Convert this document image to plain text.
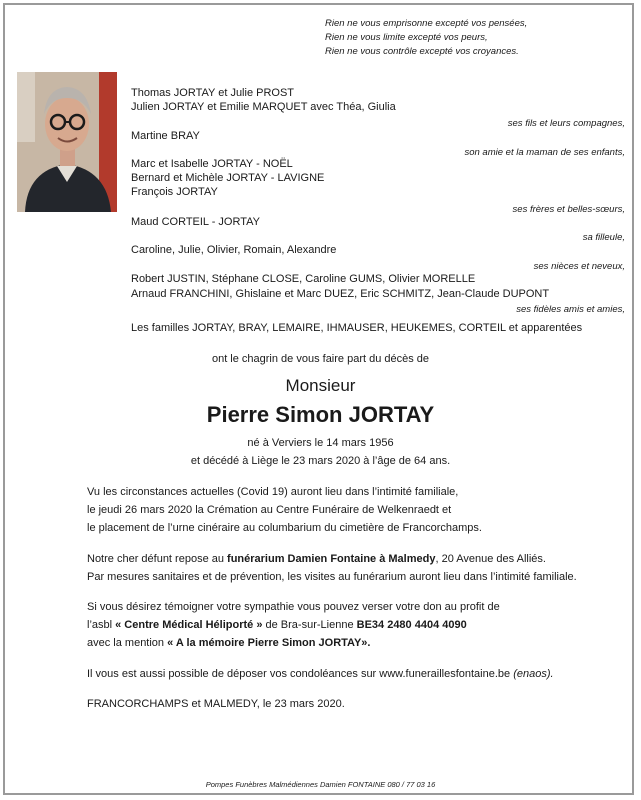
Rien ne vous emprisonne excepté vos pensées,
Rien ne vous limite excepté vos peurs,
Rien ne vous contrôle excepté vos croyances.
Thomas JORTAY et Julie PROST
Julien JORTAY et Emilie MARQUET avec Théa, Giulia
ses fils et leurs compagnes,
Martine BRAY
son amie et la maman de ses enfants,
Marc et Isabelle JORTAY - NOËL
Bernard et Michèle JORTAY - LAVIGNE
François JORTAY
ses frères et belles-sœurs,
Maud CORTEIL - JORTAY
sa filleule,
Caroline, Julie, Olivier, Romain, Alexandre
ses nièces et neveux,
Robert JUSTIN, Stéphane CLOSE, Caroline GUMS, Olivier MORELLE
Arnaud FRANCHINI, Ghislaine et Marc DUEZ, Eric SCHMITZ, Jean-Claude DUPONT
ses fidèles amis et amies,
Les familles JORTAY, BRAY, LEMAIRE, IHMAUSER, HEUKEMES, CORTEIL et apparentées
ont le chagrin de vous faire part du décès de
Monsieur
Pierre Simon JORTAY
né à Verviers le 14 mars 1956
et décédé à Liège le 23 mars 2020 à l’âge de 64 ans.
Vu les circonstances actuelles (Covid 19) auront lieu dans l’intimité familiale,
le jeudi 26 mars 2020 la Crémation au Centre Funéraire de Welkenraedt et
le placement de l’urne cinéraire au columbarium du cimetière de Francorchamps.
Notre cher défunt repose au funérarium Damien Fontaine à Malmedy, 20 Avenue des Alliés.
Par mesures sanitaires et de prévention, les visites au funérarium auront lieu dans l’intimité familiale.
Si vous désirez témoigner votre sympathie vous pouvez verser votre don au profit de
l’asbl « Centre Médical Héliporté » de Bra-sur-Lienne BE34 2480 4404 4090
avec la mention « A la mémoire Pierre Simon JORTAY».
Il vous est aussi possible de déposer vos condoléances sur www.funeraillesfontaine.be (enaos).
FRANCORCHAMPS et MALMEDY, le 23 mars 2020.
Pompes Funèbres Malmédiennes Damien FONTAINE 080 / 77 03 16
